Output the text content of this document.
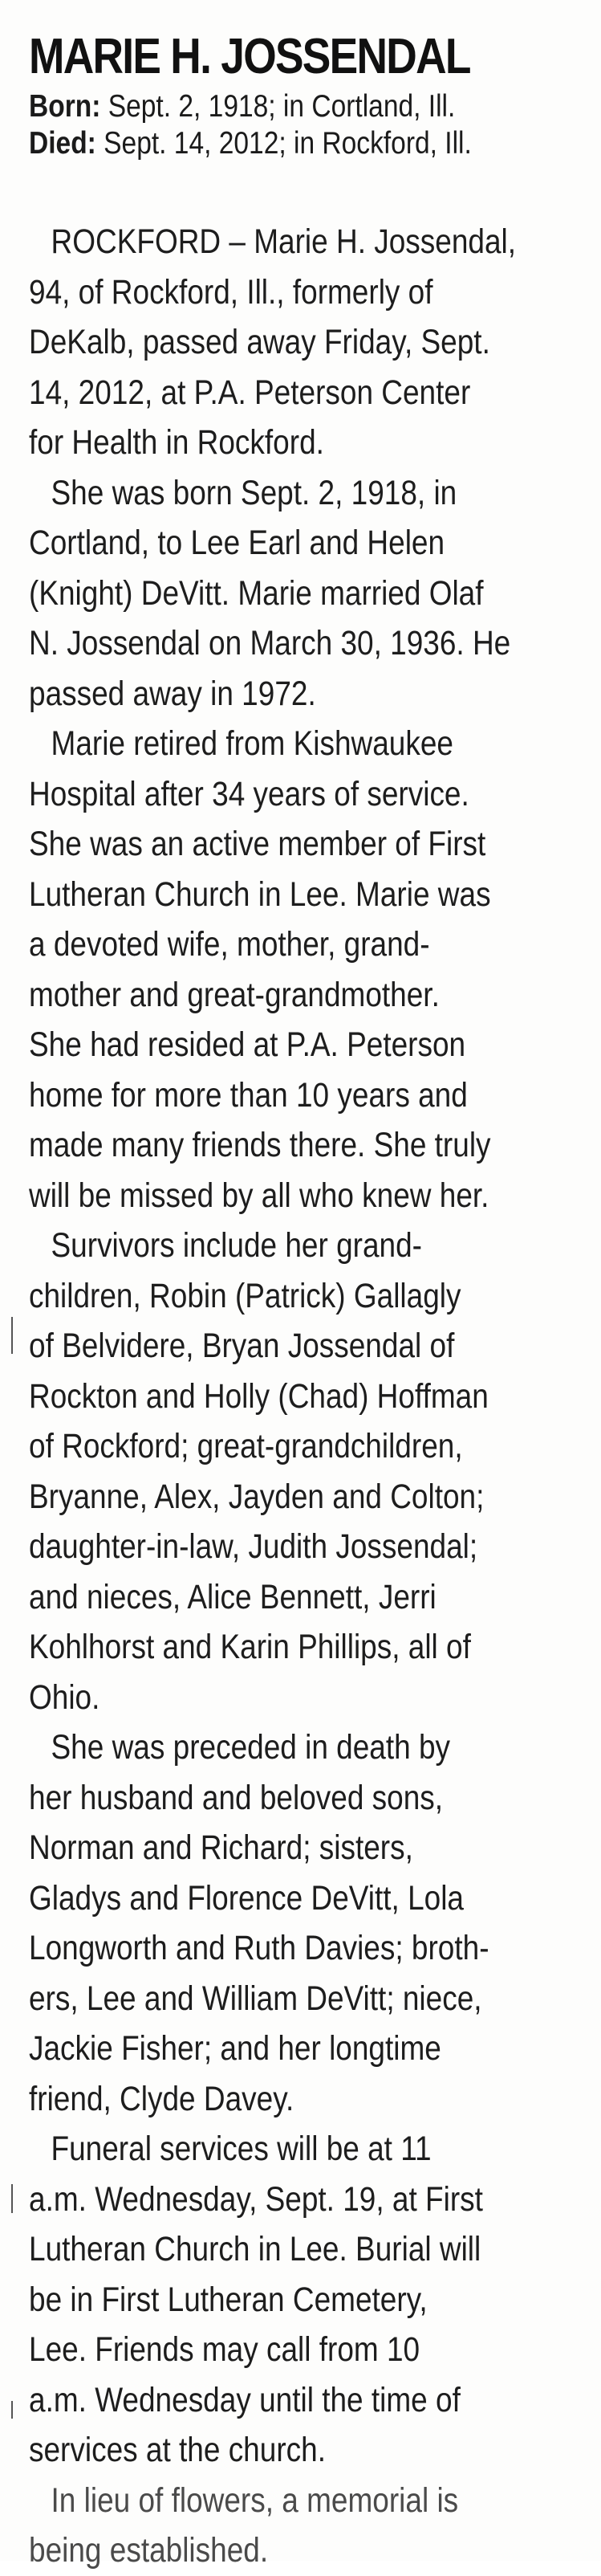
MARIE H. JOSSENDAL

Born: Sept. 2, 1918; in Cortland, Ill.

Died: Sept. 14, 2012; in Rockford, Ill.

ROCKFORD – Marie H. Jossendal,
94, of Rockford, Ill., formerly of
DeKalb, passed away Friday, Sept.
14, 2012, at P.A. Peterson Center
for Health in Rockford.
She was born Sept. 2, 1918, in
Cortland, to Lee Earl and Helen
(Knight) DeVitt. Marie married Olaf
N. Jossendal on March 30, 1936. He
passed away in 1972.
Marie retired from Kishwaukee
Hospital after 34 years of service.
She was an active member of First
Lutheran Church in Lee. Marie was
a devoted wife, mother, grand-
mother and great-grandmother.
She had resided at P.A. Peterson
home for more than 10 years and
made many friends there. She truly
will be missed by all who knew her.
Survivors include her grand-
children, Robin (Patrick) Gallagly
of Belvidere, Bryan Jossendal of
Rockton and Holly (Chad) Hoffman
of Rockford; great-grandchildren,
Bryanne, Alex, Jayden and Colton;
daughter-in-law, Judith Jossendal;
and nieces, Alice Bennett, Jerri
Kohlhorst and Karin Phillips, all of
Ohio.
She was preceded in death by
her husband and beloved sons,
Norman and Richard; sisters,
Gladys and Florence DeVitt, Lola
Longworth and Ruth Davies; broth-
ers, Lee and William DeVitt; niece,
Jackie Fisher; and her longtime
friend, Clyde Davey.
Funeral services will be at 11
a.m. Wednesday, Sept. 19, at First
Lutheran Church in Lee. Burial will
be in First Lutheran Cemetery,
Lee. Friends may call from 10
a.m. Wednesday until the time of
services at the church.
In lieu of flowers, a memorial is
being established.
